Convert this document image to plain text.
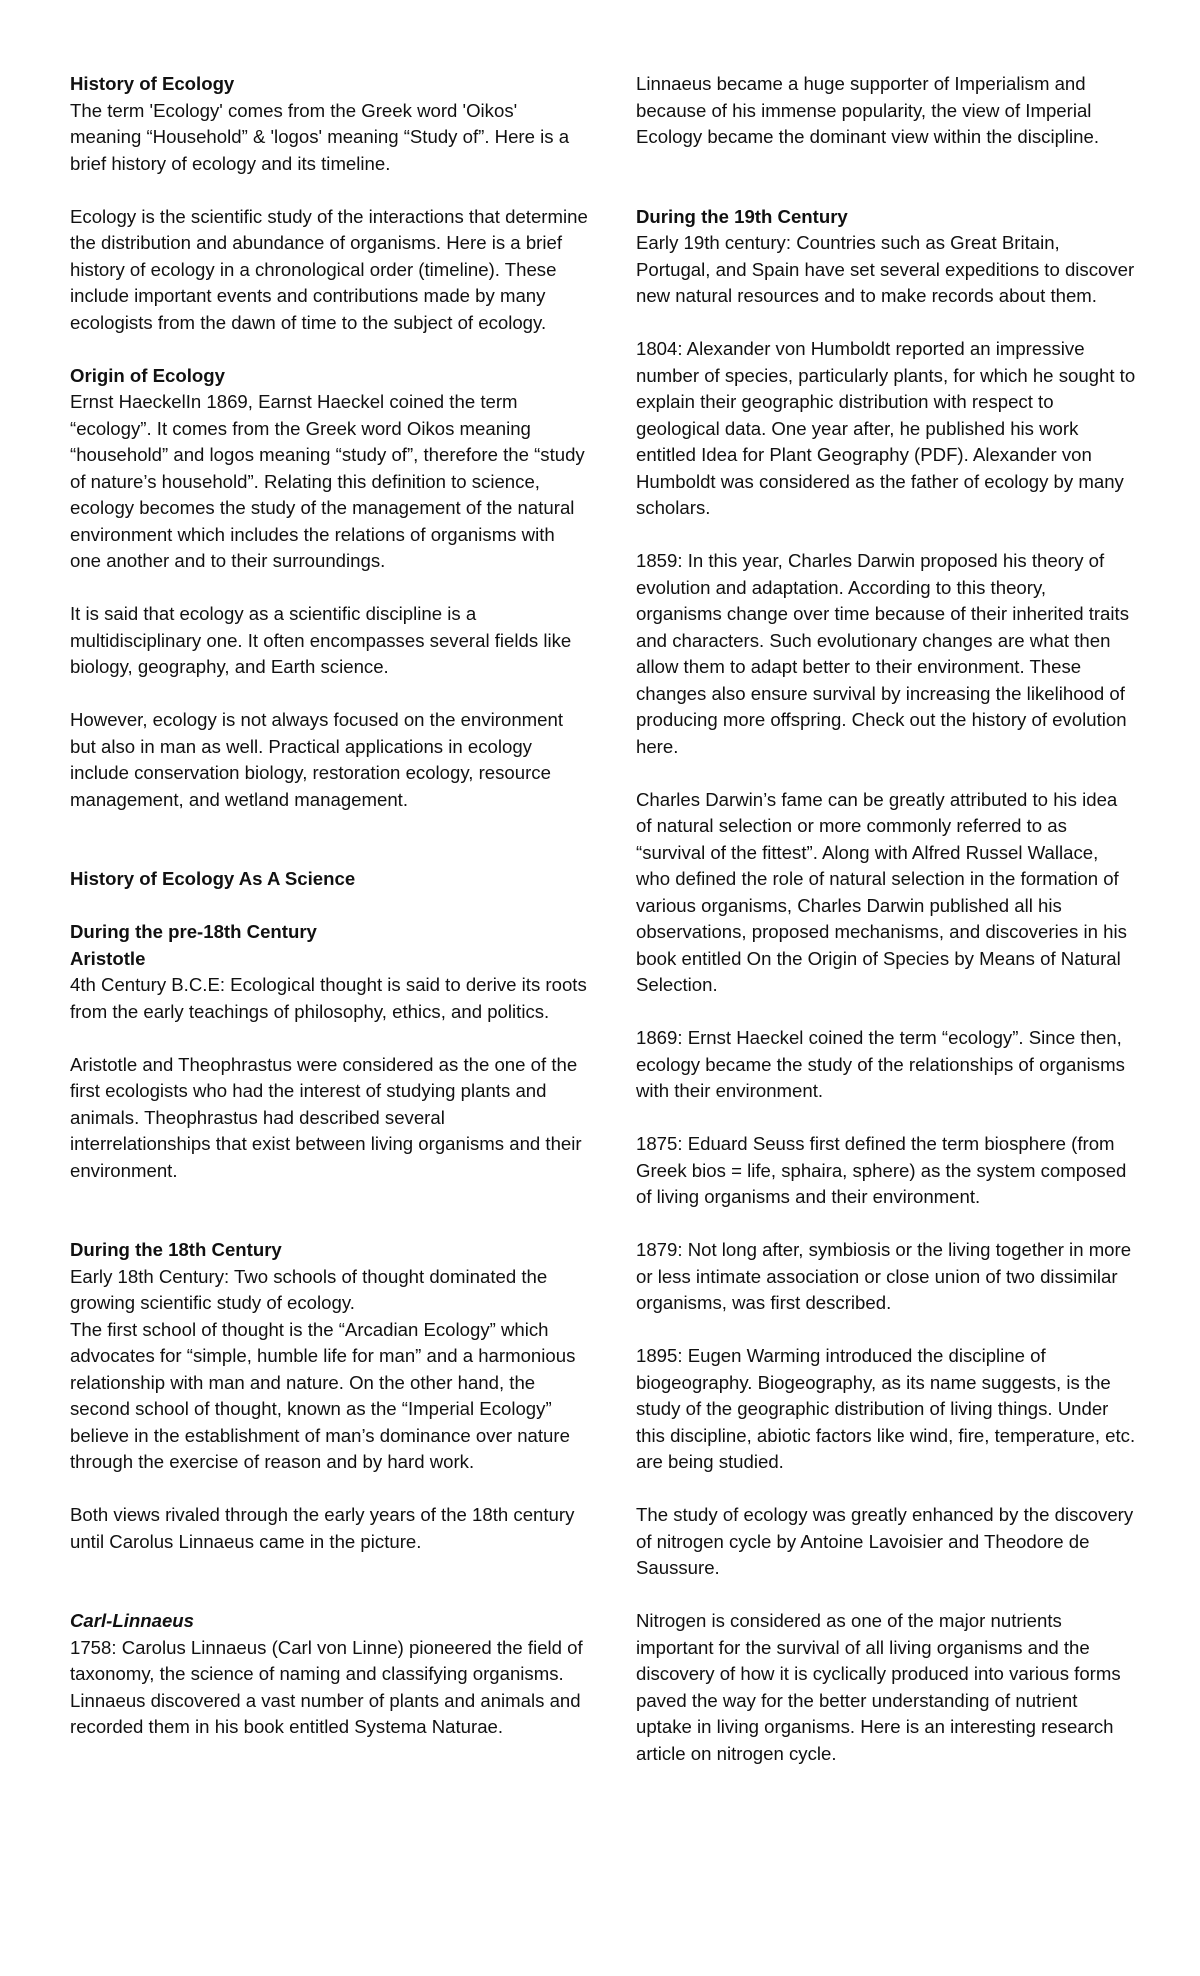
History of Ecology

The term 'Ecology' comes from the Greek word 'Oikos' meaning “Household” & 'logos' meaning “Study of”. Here is a brief history of ecology and its timeline.

Ecology is the scientific study of the interactions that determine the distribution and abundance of organisms. Here is a brief history of ecology in a chronological order (timeline). These include important events and contributions made by many ecologists from the dawn of time to the subject of ecology.

Origin of Ecology

Ernst HaeckelIn 1869, Earnst Haeckel coined the term “ecology”. It comes from the Greek word Oikos meaning “household” and logos meaning “study of”, therefore the “study of nature’s household”. Relating this definition to science, ecology becomes the study of the management of the natural environment which includes the relations of organisms with one another and to their surroundings.

It is said that ecology as a scientific discipline is a multidisciplinary one. It often encompasses several fields like biology, geography, and Earth science.

However, ecology is not always focused on the environment but also in man as well. Practical applications in ecology include conservation biology, restoration ecology, resource management, and wetland management.

History of Ecology As A Science

During the pre-18th Century

Aristotle

4th Century B.C.E: Ecological thought is said to derive its roots from the early teachings of philosophy, ethics, and politics.

Aristotle and Theophrastus were considered as the one of the first ecologists who had the interest of studying plants and animals. Theophrastus had described several interrelationships that exist between living organisms and their environment.

During the 18th Century

Early 18th Century: Two schools of thought dominated the growing scientific study of ecology.

The first school of thought is the “Arcadian Ecology” which advocates for “simple, humble life for man” and a harmonious relationship with man and nature. On the other hand, the second school of thought, known as the “Imperial Ecology” believe in the establishment of man’s dominance over nature through the exercise of reason and by hard work.

Both views rivaled through the early years of the 18th century until Carolus Linnaeus came in the picture.

Carl-Linnaeus

1758: Carolus Linnaeus (Carl von Linne) pioneered the field of taxonomy, the science of naming and classifying organisms. Linnaeus discovered a vast number of plants and animals and recorded them in his book entitled Systema Naturae.

Linnaeus became a huge supporter of Imperialism and because of his immense popularity, the view of Imperial Ecology became the dominant view within the discipline.

During the 19th Century

Early 19th century: Countries such as Great Britain, Portugal, and Spain have set several expeditions to discover new natural resources and to make records about them.

1804: Alexander von Humboldt reported an impressive number of species, particularly plants, for which he sought to explain their geographic distribution with respect to geological data. One year after, he published his work entitled Idea for Plant Geography (PDF). Alexander von Humboldt was considered as the father of ecology by many scholars.

1859: In this year, Charles Darwin proposed his theory of evolution and adaptation. According to this theory, organisms change over time because of their inherited traits and characters. Such evolutionary changes are what then allow them to adapt better to their environment. These changes also ensure survival by increasing the likelihood of producing more offspring. Check out the history of evolution here.

Charles Darwin’s fame can be greatly attributed to his idea of natural selection or more commonly referred to as “survival of the fittest”. Along with Alfred Russel Wallace, who defined the role of natural selection in the formation of various organisms, Charles Darwin published all his observations, proposed mechanisms, and discoveries in his book entitled On the Origin of Species by Means of Natural Selection.

1869: Ernst Haeckel coined the term “ecology”. Since then, ecology became the study of the relationships of organisms with their environment.

1875: Eduard Seuss first defined the term biosphere (from Greek bios = life, sphaira, sphere) as the system composed of living organisms and their environment.

1879: Not long after, symbiosis or the living together in more or less intimate association or close union of two dissimilar organisms, was first described.

1895: Eugen Warming introduced the discipline of biogeography. Biogeography, as its name suggests, is the study of the geographic distribution of living things. Under this discipline, abiotic factors like wind, fire, temperature, etc. are being studied.

The study of ecology was greatly enhanced by the discovery of nitrogen cycle by Antoine Lavoisier and Theodore de Saussure.

Nitrogen is considered as one of the major nutrients important for the survival of all living organisms and the discovery of how it is cyclically produced into various forms paved the way for the better understanding of nutrient uptake in living organisms. Here is an interesting research article on nitrogen cycle.
